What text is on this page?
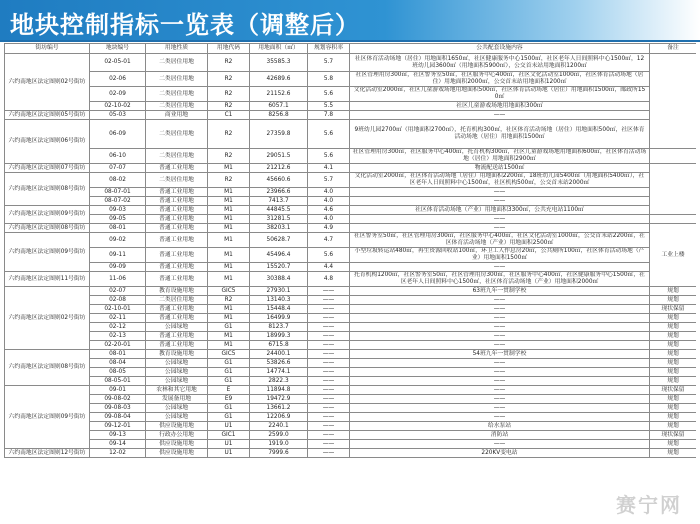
地块控制指标一览表（调整后）
街坊编号	地块编号	用地性质	用地代码	用地面积（㎡）	规划容积率	公共配套设施内容	备注	
六约南地区法定图则02号街坊	02-05-01	二类居住用地	R2	35585.3	5.7	社区体育活动场地（居住）用地面积1650㎡，社区健康服务中心1500㎡，社区老年人日间照料中心1500㎡，12班幼儿园3600㎡（用地面积5900㎡），公交首末站用地面积1200㎡		
	02-06	二类居住用地	R2	42689.6	5.8	社区管理用房300㎡，社区警务室50㎡，社区服务中心400㎡，社区文化活动室1000㎡，社区体育活动场地（居住）用地面积2000㎡，公交首末站用地面积1200㎡		
	02-09	二类居住用地	R2	21152.6	5.6	文化活动室2000㎡，社区儿童游戏场地用地面积500㎡，社区体育活动场地（居住）用地面积1500㎡，邮政所150㎡		
	02-10-02	二类居住用地	R2	6057.1	5.5	社区儿童游戏场地用地面积300㎡		
六约南地区法定图则05号街坊	05-03	商业用地	C1	8256.8	7.8	——		
六约南地区法定图则06号街坊	06-09	二类居住用地	R2	27359.8	5.6	9班幼儿园2700㎡（用地面积2700㎡），托育机构300㎡，社区体育活动场地（居住）用地面积500㎡，社区体育活动场地（居住）用地面积1500㎡	
	06-10	二类居住用地	R2	29051.5	5.6	社区管理用房300㎡，社区服务中心400㎡，托育机构300㎡，社区儿童游戏场地用地面积600㎡，社区体育活动场地（居住）用地面积2900㎡		
六约南地区法定图则07号街坊	07-07	普通工业用地	M1	21212.6	4.1	物流配送站1500㎡		
六约南地区法定图则08号街坊	08-02	二类居住用地	R2	45660.6	5.7	文化活动室2000㎡，社区体育活动场地（居住）用地面积2200㎡，18班幼儿园5400㎡（用地面积5400㎡），社区老年人日间照料中心1500㎡，社区机构500㎡，公交首末站2000㎡		
	08-07-01	普通工业用地	M1	23966.6	4.0	——		
	08-07-02	普通工业用地	M1	7413.7	4.0	——		
六约南地区法定图则09号街坊	09-03	普通工业用地	M1	44845.5	4.6	社区体育活动场地（产业）用地面积3300㎡，公共充电站1100㎡		
	09-05	普通工业用地	M1	31281.5	4.0	——		
六约南地区法定图则08号街坊	08-01	普通工业用地	M1	38203.1	4.9	——	工业上楼	
六约南地区法定图则09号街坊	09-02	普通工业用地	M1	50628.7	4.7	社区警务室50㎡，社区管理用房300㎡，社区服务中心400㎡，社区文化活动室1000㎡，公交首末站2200㎡，社区体育活动场地（产业）用地面积2500㎡		
	09-11	普通工业用地	M1	45496.4	5.6	小型垃圾转运站480㎡，再生资源回收站100㎡，环卫工人作息房20㎡，公共厕所100㎡，社区体育活动场地（产业）用地面积1500㎡		
	09-09	普通工业用地	M1	15520.7	4.4	——		
六约南地区法定图则11号街坊	11-06	普通工业用地	M1	30388.4	4.8	托育机构1200㎡，社区警务室50㎡，社区管理用房300㎡，社区服务中心400㎡，社区健康服务中心1500㎡，社区老年人日间照料中心1500㎡，社区体育活动场地（产业）用地面积2000㎡		
六约南地区法定图则02号街坊	02-07	教育设施用地	GIC5	27930.1	——	63班九年一贯制学校	规划	
	02-08	二类居住用地	R2	13140.3	——	——	规划	
	02-10-01	普通工业用地	M1	15448.4	——	——	现状保留	
	02-11	普通工业用地	M1	16499.9	——	——	规划	
	02-12	公园绿地	G1	8123.7	——	——	规划	
	02-13	普通工业用地	M1	18999.3	——	——	规划	
	02-20-01	普通工业用地	M1	6715.8	——	——	规划	
六约南地区法定图则08号街坊	08-01	教育设施用地	GIC5	24400.1	——	54班九年一贯制学校	规划	
	08-04	公园绿地	G1	53826.6	——	——	规划	
	08-05	公园绿地	G1	14774.1	——	——	规划	
	08-05-01	公园绿地	G1	2822.3	——	——	规划	
六约南地区法定图则09号街坊	09-01	农林和其它用地	E	11894.8	——	——	现状保留	
	09-08-02	发展备用地	E9	19472.9	——	——	规划	
	09-08-03	公园绿地	G1	13661.2	——	——	规划	
	09-08-04	公园绿地	G1	12206.9	——	——	规划	
	09-12-01	供应设施用地	U1	2240.1	——	给水泵站	规划	
	09-13	行政办公用地	GIC1	2599.0	——	消防站	现状保留	
	09-14	供应设施用地	U1	1919.0	——	——	规划	
六约南地区法定图则12号街坊	12-02	供应设施用地	U1	7999.6	——	220KV变电站	规划	
赛宁网
